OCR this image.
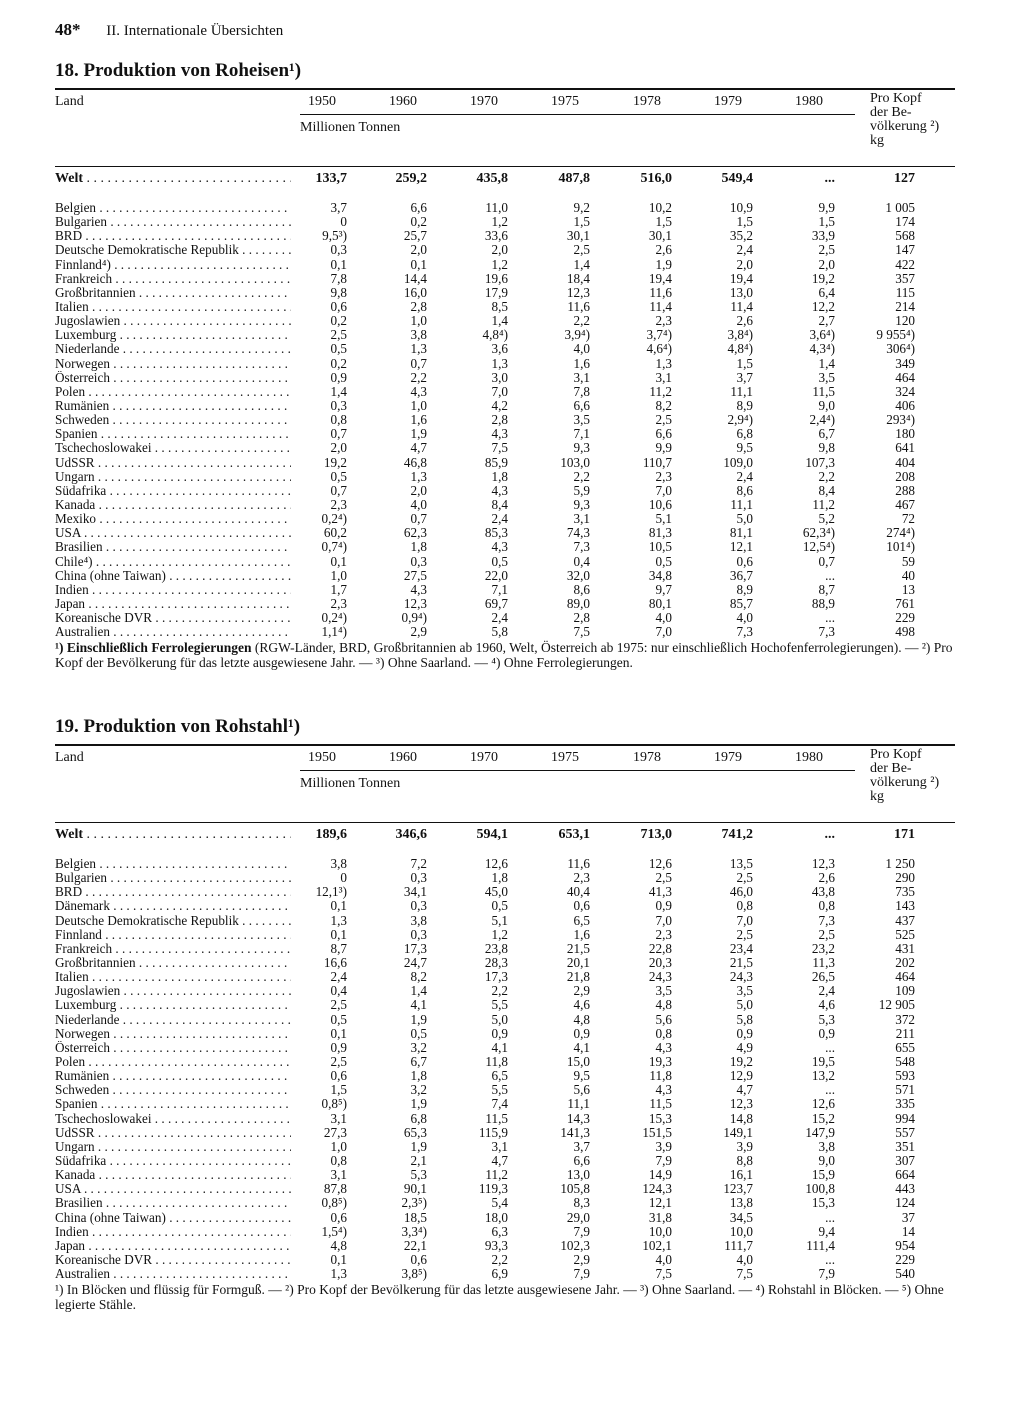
48* II. Internationale Übersichten
18. Produktion von Roheisen¹)
Land	1950	1960	1970	1975	1978	1979	1980
Millionen Tonnen
Pro Kopf
der Be-
völkerung ²)
kg
Welt . . .	133,7	259,2	435,8	487,8	516,0	549,4	...	127
Belgien . . .	3,7	6,6	11,0	9,2	10,2	10,9	9,9	1 005
Bulgarien . . .	0	0,2	1,2	1,5	1,5	1,5	1,5	174
BRD . . .	9,5³)	25,7	33,6	30,1	30,1	35,2	33,9	568
Deutsche Demokratische Republik . . .	0,3	2,0	2,0	2,5	2,6	2,4	2,5	147
Finnland⁴) . . .	0,1	0,1	1,2	1,4	1,9	2,0	2,0	422
Frankreich . . .	7,8	14,4	19,6	18,4	19,4	19,4	19,2	357
Großbritannien . . .	9,8	16,0	17,9	12,3	11,6	13,0	6,4	115
Italien . . .	0,6	2,8	8,5	11,6	11,4	11,4	12,2	214
Jugoslawien . . .	0,2	1,0	1,4	2,2	2,3	2,6	2,7	120
Luxemburg . . .	2,5	3,8	4,8⁴)	3,9⁴)	3,7⁴)	3,8⁴)	3,6⁴)	9 955⁴)
Niederlande . . .	0,5	1,3	3,6	4,0	4,6⁴)	4,8⁴)	4,3⁴)	306⁴)
Norwegen . . .	0,2	0,7	1,3	1,6	1,3	1,5	1,4	349
Österreich . . .	0,9	2,2	3,0	3,1	3,1	3,7	3,5	464
Polen . . .	1,4	4,3	7,0	7,8	11,2	11,1	11,5	324
Rumänien . . .	0,3	1,0	4,2	6,6	8,2	8,9	9,0	406
Schweden . . .	0,8	1,6	2,8	3,5	2,5	2,9⁴)	2,4⁴)	293⁴)
Spanien . . .	0,7	1,9	4,3	7,1	6,6	6,8	6,7	180
Tschechoslowakei . . .	2,0	4,7	7,5	9,3	9,9	9,5	9,8	641
UdSSR . . .	19,2	46,8	85,9	103,0	110,7	109,0	107,3	404
Ungarn . . .	0,5	1,3	1,8	2,2	2,3	2,4	2,2	208
Südafrika . . .	0,7	2,0	4,3	5,9	7,0	8,6	8,4	288
Kanada . . .	2,3	4,0	8,4	9,3	10,6	11,1	11,2	467
Mexiko . . .	0,2⁴)	0,7	2,4	3,1	5,1	5,0	5,2	72
USA . . .	60,2	62,3	85,3	74,3	81,3	81,1	62,3⁴)	274⁴)
Brasilien . . .	0,7⁴)	1,8	4,3	7,3	10,5	12,1	12,5⁴)	101⁴)
Chile⁴) . . .	0,1	0,3	0,5	0,4	0,5	0,6	0,7	59
China (ohne Taiwan) . . .	1,0	27,5	22,0	32,0	34,8	36,7	...	40
Indien . . .	1,7	4,3	7,1	8,6	9,7	8,9	8,7	13
Japan . . .	2,3	12,3	69,7	89,0	80,1	85,7	88,9	761
Koreanische DVR . . .	0,2⁴)	0,9⁴)	2,4	2,8	4,0	4,0	...	229
Australien . . .	1,1⁴)	2,9	5,8	7,5	7,0	7,3	7,3	498
¹) Einschließlich Ferrolegierungen (RGW-Länder, BRD, Großbritannien ab 1960, Welt, Österreich ab 1975: nur einschließlich Hochofenferrolegierungen). — ²) Pro Kopf der Bevölkerung für das letzte ausgewiesene Jahr. — ³) Ohne Saarland. — ⁴) Ohne Ferrolegierungen.
19. Produktion von Rohstahl¹)
Land	1950	1960	1970	1975	1978	1979	1980
Millionen Tonnen
Pro Kopf
der Be-
völkerung ²)
kg
Welt . . .	189,6	346,6	594,1	653,1	713,0	741,2	...	171
Belgien . . .	3,8	7,2	12,6	11,6	12,6	13,5	12,3	1 250
Bulgarien . . .	0	0,3	1,8	2,3	2,5	2,5	2,6	290
BRD . . .	12,1³)	34,1	45,0	40,4	41,3	46,0	43,8	735
Dänemark . . .	0,1	0,3	0,5	0,6	0,9	0,8	0,8	143
Deutsche Demokratische Republik . . .	1,3	3,8	5,1	6,5	7,0	7,0	7,3	437
Finnland . . .	0,1	0,3	1,2	1,6	2,3	2,5	2,5	525
Frankreich . . .	8,7	17,3	23,8	21,5	22,8	23,4	23,2	431
Großbritannien . . .	16,6	24,7	28,3	20,1	20,3	21,5	11,3	202
Italien . . .	2,4	8,2	17,3	21,8	24,3	24,3	26,5	464
Jugoslawien . . .	0,4	1,4	2,2	2,9	3,5	3,5	2,4	109
Luxemburg . . .	2,5	4,1	5,5	4,6	4,8	5,0	4,6	12 905
Niederlande . . .	0,5	1,9	5,0	4,8	5,6	5,8	5,3	372
Norwegen . . .	0,1	0,5	0,9	0,9	0,8	0,9	0,9	211
Österreich . . .	0,9	3,2	4,1	4,1	4,3	4,9	...	655
Polen . . .	2,5	6,7	11,8	15,0	19,3	19,2	19,5	548
Rumänien . . .	0,6	1,8	6,5	9,5	11,8	12,9	13,2	593
Schweden . . .	1,5	3,2	5,5	5,6	4,3	4,7	...	571
Spanien . . .	0,8⁵)	1,9	7,4	11,1	11,5	12,3	12,6	335
Tschechoslowakei . . .	3,1	6,8	11,5	14,3	15,3	14,8	15,2	994
UdSSR . . .	27,3	65,3	115,9	141,3	151,5	149,1	147,9	557
Ungarn . . .	1,0	1,9	3,1	3,7	3,9	3,9	3,8	351
Südafrika . . .	0,8	2,1	4,7	6,6	7,9	8,8	9,0	307
Kanada . . .	3,1	5,3	11,2	13,0	14,9	16,1	15,9	664
USA . . .	87,8	90,1	119,3	105,8	124,3	123,7	100,8	443
Brasilien . . .	0,8⁵)	2,3⁵)	5,4	8,3	12,1	13,8	15,3	124
China (ohne Taiwan) . . .	0,6	18,5	18,0	29,0	31,8	34,5	...	37
Indien . . .	1,5⁴)	3,3⁴)	6,3	7,9	10,0	10,0	9,4	14
Japan . . .	4,8	22,1	93,3	102,3	102,1	111,7	111,4	954
Koreanische DVR . . .	0,1	0,6	2,2	2,9	4,0	4,0	...	229
Australien . . .	1,3	3,8⁵)	6,9	7,9	7,5	7,5	7,9	540
¹) In Blöcken und flüssig für Formguß. — ²) Pro Kopf der Bevölkerung für das letzte ausgewiesene Jahr. — ³) Ohne Saarland. — ⁴) Rohstahl in Blöcken. — ⁵) Ohne legierte Stähle.
